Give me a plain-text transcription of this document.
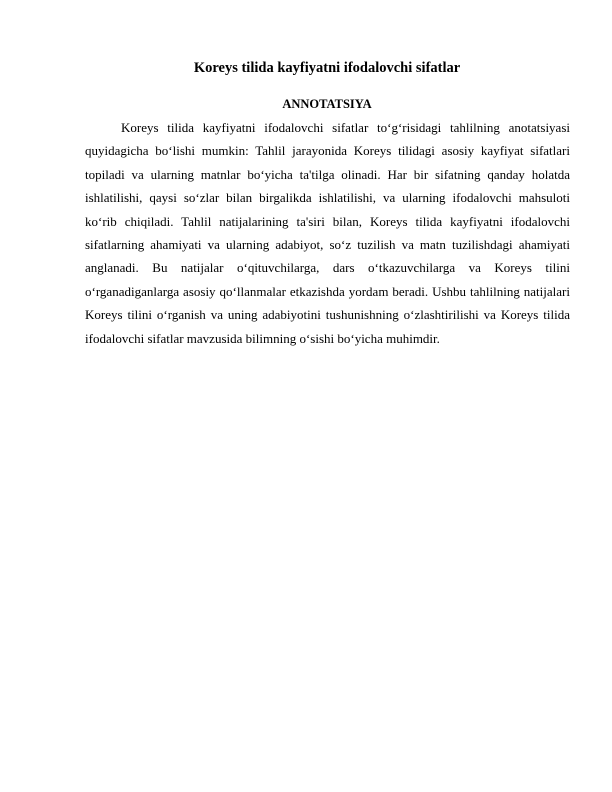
Koreys tilida kayfiyatni ifodalovchi sifatlar
ANNOTATSIYA

Koreys tilida kayfiyatni ifodalovchi sifatlar to‘g‘risidagi tahlilning anotatsiyasi quyidagicha bo‘lishi mumkin: Tahlil jarayonida Koreys tilidagi asosiy kayfiyat sifatlari topiladi va ularning matnlar bo‘yicha ta'tilga olinadi. Har bir sifatning qanday holatda ishlatilishi, qaysi so‘zlar bilan birgalikda ishlatilishi, va ularning ifodalovchi mahsuloti ko‘rib chiqiladi. Tahlil natijalarining ta'siri bilan, Koreys tilida kayfiyatni ifodalovchi sifatlarning ahamiyati va ularning adabiyot, so‘z tuzilish va matn tuzilishdagi ahamiyati anglanadi. Bu natijalar o‘qituvchilarga, dars o‘tkazuvchilarga va Koreys tilini o‘rganadiganlarga asosiy qo‘llanmalar etkazishda yordam beradi. Ushbu tahlilning natijalari Koreys tilini o‘rganish va uning adabiyotini tushunishning o‘zlashtirilishi va Koreys tilida ifodalovchi sifatlar mavzusida bilimning o‘sishi bo‘yicha muhimdir.
